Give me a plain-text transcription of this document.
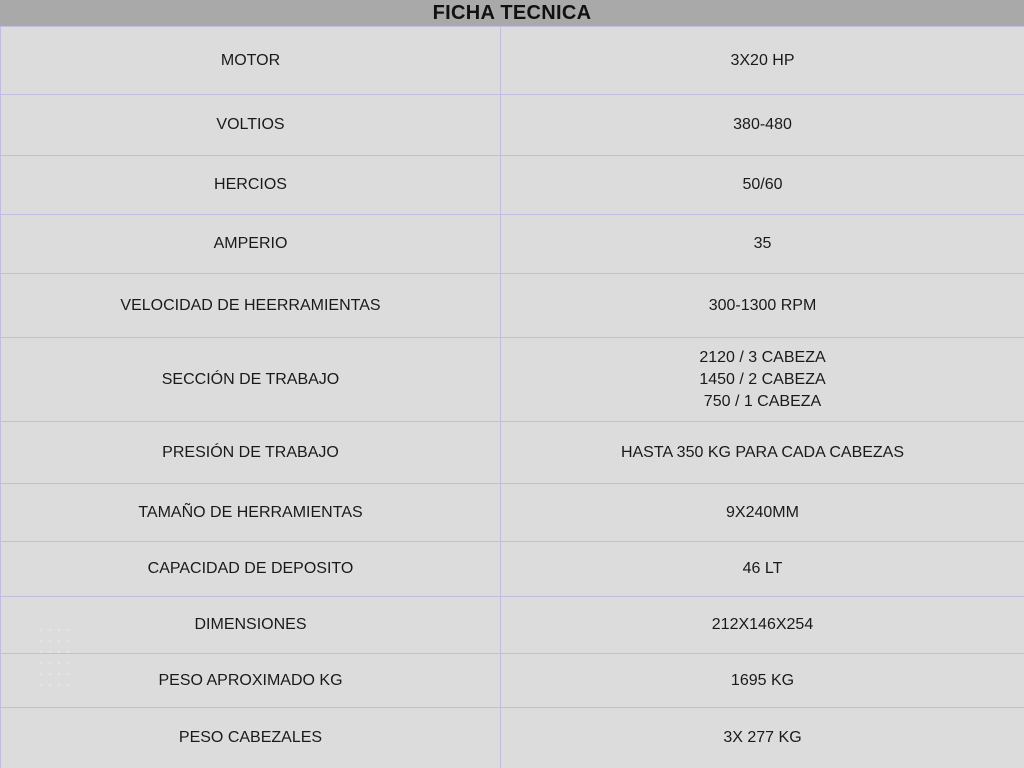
FICHA TECNICA
MOTOR	3X20 HP

VOLTIOS	380-480

HERCIOS	50/60

AMPERIO	35

VELOCIDAD DE HEERRAMIENTAS	300-1300 RPM

SECCIÓN DE TRABAJO	2120 / 3 CABEZA
1450 / 2 CABEZA
750 / 1 CABEZA

PRESIÓN DE TRABAJO	HASTA 350 KG PARA CADA CABEZAS

TAMAÑO DE HERRAMIENTAS	9X240MM

CAPACIDAD DE DEPOSITO	46 LT

DIMENSIONES	212X146X254

PESO APROXIMADO KG	1695 KG

PESO CABEZALES	3X 277 KG
